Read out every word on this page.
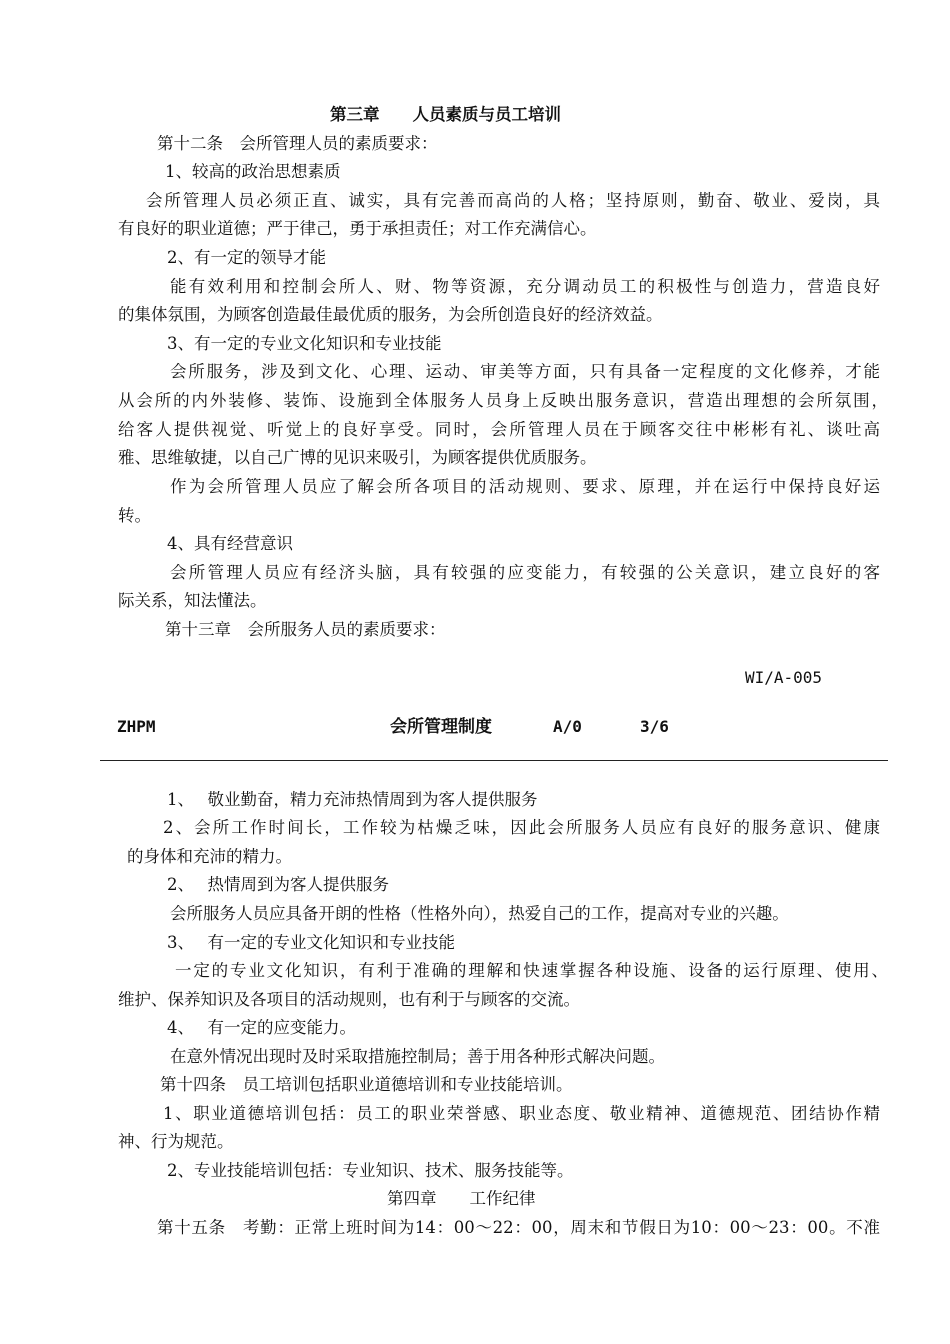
第三章　　人员素质与员工培训
第十二条　会所管理人员的素质要求：
1、较高的政治思想素质
会所管理人员必须正直、诚实，具有完善而高尚的人格；坚持原则，勤奋、敬业、爱岗，具
有良好的职业道德；严于律己，勇于承担责任；对工作充满信心。
2、有一定的领导才能
能有效利用和控制会所人、财、物等资源，充分调动员工的积极性与创造力，营造良好
的集体氛围，为顾客创造最佳最优质的服务，为会所创造良好的经济效益。
3、有一定的专业文化知识和专业技能
会所服务，涉及到文化、心理、运动、审美等方面，只有具备一定程度的文化修养，才能
从会所的内外装修、装饰、设施到全体服务人员身上反映出服务意识，营造出理想的会所氛围，
给客人提供视觉、听觉上的良好享受。同时，会所管理人员在于顾客交往中彬彬有礼、谈吐高
雅、思维敏捷，以自己广博的见识来吸引，为顾客提供优质服务。
作为会所管理人员应了解会所各项目的活动规则、要求、原理，并在运行中保持良好运
转。
4、具有经营意识
会所管理人员应有经济头脑，具有较强的应变能力，有较强的公关意识，建立良好的客
际关系，知法懂法。
第十三章　会所服务人员的素质要求：
WI/A-005
ZHPM	会所管理制度	A/0	3/6
1、　 敬业勤奋，精力充沛热情周到为客人提供服务
2、会所工作时间长，工作较为枯燥乏味，因此会所服务人员应有良好的服务意识、健康
的身体和充沛的精力。
2、　 热情周到为客人提供服务
会所服务人员应具备开朗的性格（性格外向），热爱自己的工作，提高对专业的兴趣。
3、　 有一定的专业文化知识和专业技能
一定的专业文化知识，有利于准确的理解和快速掌握各种设施、设备的运行原理、使用、
维护、保养知识及各项目的活动规则，也有利于与顾客的交流。
4、　 有一定的应变能力。
在意外情况出现时及时采取措施控制局；善于用各种形式解决问题。
第十四条　员工培训包括职业道德培训和专业技能培训。
1、职业道德培训包括：员工的职业荣誉感、职业态度、敬业精神、道德规范、团结协作精
神、行为规范。
2、专业技能培训包括：专业知识、技术、服务技能等。
第四章　　工作纪律
第十五条　考勤：正常上班时间为14：00～22：00，周末和节假日为10：00～23：00。不准
